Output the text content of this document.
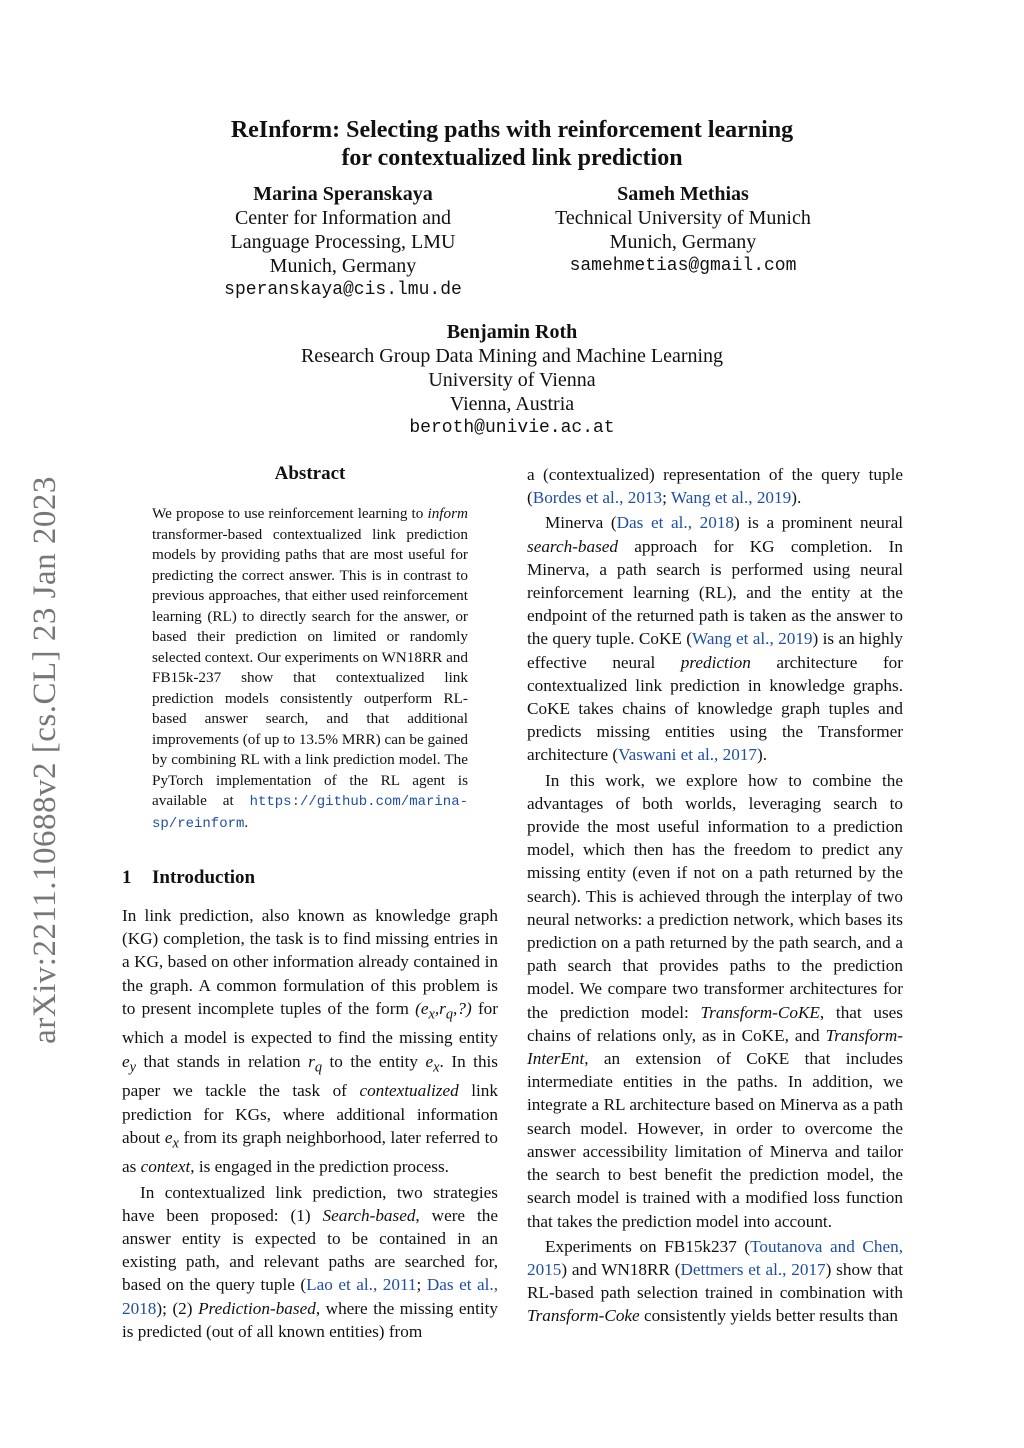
arXiv:2211.10688v2 [cs.CL] 23 Jan 2023
ReInform: Selecting paths with reinforcement learning
for contextualized link prediction
Marina Speranskaya
Center for Information and
Language Processing, LMU
Munich, Germany
speranskaya@cis.lmu.de
Sameh Methias
Technical University of Munich
Munich, Germany
samehmetias@gmail.com
Benjamin Roth
Research Group Data Mining and Machine Learning
University of Vienna
Vienna, Austria
beroth@univie.ac.at
Abstract

We propose to use reinforcement learning to inform transformer-based contextualized link prediction models by providing paths that are most useful for predicting the correct answer. This is in contrast to previous approaches, that either used reinforcement learning (RL) to directly search for the answer, or based their prediction on limited or randomly selected context. Our experiments on WN18RR and FB15k-237 show that contextualized link prediction models consistently outperform RL-based answer search, and that additional improvements (of up to 13.5% MRR) can be gained by combining RL with a link prediction model. The PyTorch implementation of the RL agent is available at https://github.com/marina-sp/reinform.

1 Introduction

In link prediction, also known as knowledge graph (KG) completion, the task is to find missing entries in a KG, based on other information already contained in the graph. A common formulation of this problem is to present incomplete tuples of the form $(e_x,r_q,?)$ for which a model is expected to find the missing entity $e_y$ that stands in relation $r_q$ to the entity $e_x$. In this paper we tackle the task of contextualized link prediction for KGs, where additional information about $e_x$ from its graph neighborhood, later referred to as context, is engaged in the prediction process.

In contextualized link prediction, two strategies have been proposed: (1) Search-based, were the answer entity is expected to be contained in an existing path, and relevant paths are searched for, based on the query tuple (Lao et al., 2011; Das et al., 2018); (2) Prediction-based, where the missing entity is predicted (out of all known entities) from

a (contextualized) representation of the query tuple (Bordes et al., 2013; Wang et al., 2019).

Minerva (Das et al., 2018) is a prominent neural search-based approach for KG completion. In Minerva, a path search is performed using neural reinforcement learning (RL), and the entity at the endpoint of the returned path is taken as the answer to the query tuple. CoKE (Wang et al., 2019) is an highly effective neural prediction architecture for contextualized link prediction in knowledge graphs. CoKE takes chains of knowledge graph tuples and predicts missing entities using the Transformer architecture (Vaswani et al., 2017).

In this work, we explore how to combine the advantages of both worlds, leveraging search to provide the most useful information to a prediction model, which then has the freedom to predict any missing entity (even if not on a path returned by the search). This is achieved through the interplay of two neural networks: a prediction network, which bases its prediction on a path returned by the path search, and a path search that provides paths to the prediction model. We compare two transformer architectures for the prediction model: Transform-CoKE, that uses chains of relations only, as in CoKE, and Transform-InterEnt, an extension of CoKE that includes intermediate entities in the paths. In addition, we integrate a RL architecture based on Minerva as a path search model. However, in order to overcome the answer accessibility limitation of Minerva and tailor the search to best benefit the prediction model, the search model is trained with a modified loss function that takes the prediction model into account.

Experiments on FB15k237 (Toutanova and Chen, 2015) and WN18RR (Dettmers et al., 2017) show that RL-based path selection trained in combination with Transform-Coke consistently yields better results than
